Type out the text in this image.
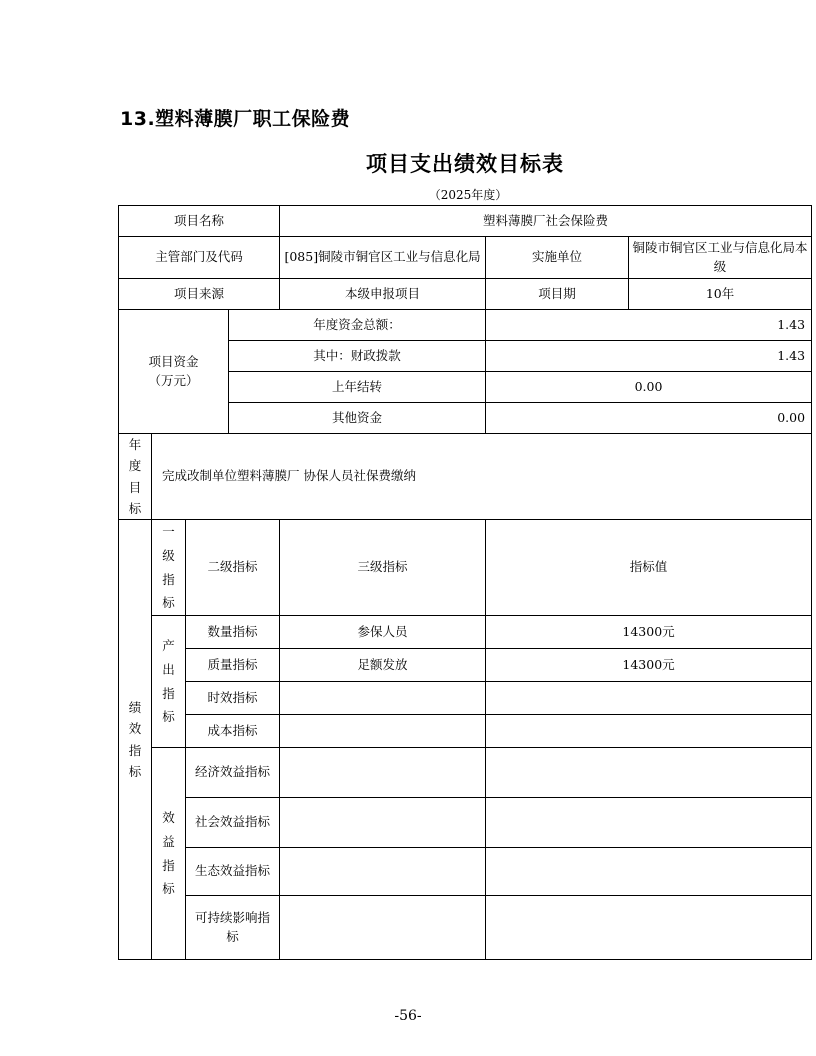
13.塑料薄膜厂职工保险费
项目支出绩效目标表
（2025年度）
项目名称				塑料薄膜厂社会保险费		
主管部门及代码				[085]铜陵市铜官区工业与信息化局	实施单位	铜陵市铜官区工业与信息化局本级
项目来源				本级申报项目	项目期	10年

项目资金
（万元）			年度资金总额：		1.43	
			其中：财政拨款		1.43	
			上年结转		0.00	
			其他资金		0.00	

年度目标	完成改制单位塑料薄膜厂 协保人员社保费缴纳					

绩效指标	一级指标	二级指标		三级指标	指标值	

	产出指标	数量指标		参保人员	14300元	
		质量指标		足额发放	14300元	
		时效指标				
		成本指标				

	效益指标	经济效益指标				
		社会效益指标				
		生态效益指标				
		可持续影响指标				
-56-
